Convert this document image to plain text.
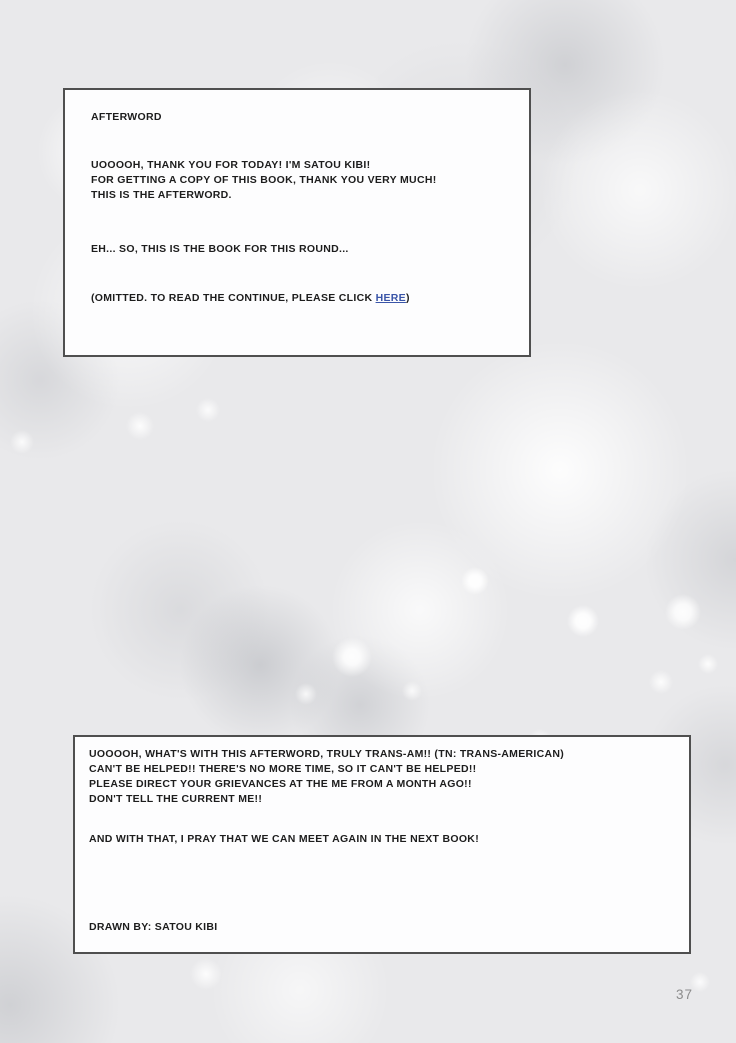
AFTERWORD
UOOOOH, THANK YOU FOR TODAY! I'M SATOU KIBI!
FOR GETTING A COPY OF THIS BOOK, THANK YOU VERY MUCH!
THIS IS THE AFTERWORD.
EH... SO, THIS IS THE BOOK FOR THIS ROUND...
(OMITTED. TO READ THE CONTINUE, PLEASE CLICK HERE)
UOOOOH, WHAT'S WITH THIS AFTERWORD, TRULY TRANS-AM!! (TN: TRANS-AMERICAN)
CAN'T BE HELPED!! THERE'S NO MORE TIME, SO IT CAN'T BE HELPED!!
PLEASE DIRECT YOUR GRIEVANCES AT THE ME FROM A MONTH AGO!!
DON'T TELL THE CURRENT ME!!
AND WITH THAT, I PRAY THAT WE CAN MEET AGAIN IN THE NEXT BOOK!
DRAWN BY: SATOU KIBI
37
